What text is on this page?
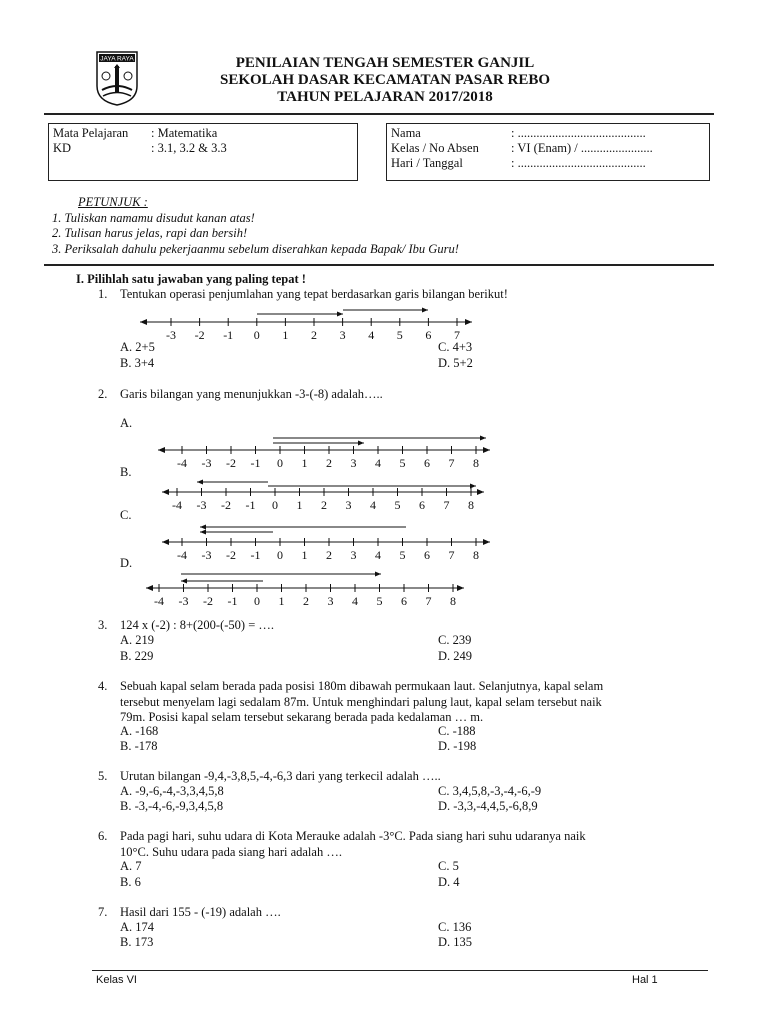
JAYA RAYA	PENILAIAN TENGAH SEMESTER GANJIL
SEKOLAH DASAR KECAMATAN PASAR REBO
TAHUN PELAJARAN 2017/2018
Mata Pelajaran : Matematika
KD	: 3.1, 3.2 & 3.3
Nama	: .........................................
Kelas / No Absen	: VI (Enam) / .......................
Hari / Tanggal	: .........................................
PETUNJUK :
1. Tuliskan namamu disudut kanan atas!
2. Tulisan harus jelas, rapi dan bersih!
3. Periksalah dahulu pekerjaanmu sebelum diserahkan kepada Bapak/ Ibu Guru!
I. Pilihlah satu jawaban yang paling tepat !
1. Tentukan operasi penjumlahan yang tepat berdasarkan garis bilangan berikut!
-3 -2 -1 0 1 2 3 4 5 6 7
A. 2+5
B. 3+4
C. 4+3
D. 5+2
2. Garis bilangan yang menunjukkan -3-(-8) adalah…..
A.
-4 -3 -2 -1 0 1 2 3 4 5 6 7 8
B.
-4 -3 -2 -1 0 1 2 3 4 5 6 7 8
C.
-4 -3 -2 -1 0 1 2 3 4 5 6 7 8
D.
-4 -3 -2 -1 0 1 2 3 4 5 6 7 8
3. 124 x (-2) : 8+(200-(-50) = ….
A. 219
B. 229
C. 239
D. 249
4. Sebuah kapal selam berada pada posisi 180m dibawah permukaan laut. Selanjutnya, kapal selam
tersebut menyelam lagi sedalam 87m. Untuk menghindari palung laut, kapal selam tersebut naik
79m. Posisi kapal selam tersebut sekarang berada pada kedalaman … m.
A. -168
B. -178
C. -188
D. -198
5. Urutan bilangan -9,4,-3,8,5,-4,-6,3 dari yang terkecil adalah …..
A. -9,-6,-4,-3,3,4,5,8
B. -3,-4,-6,-9,3,4,5,8
C. 3,4,5,8,-3,-4,-6,-9
D. -3,3,-4,4,5,-6,8,9
6. Pada pagi hari, suhu udara di Kota Merauke adalah -3°C. Pada siang hari suhu udaranya naik
10°C. Suhu udara pada siang hari adalah ….
A. 7
B. 6
C. 5
D. 4
7. Hasil dari 155 - (-19) adalah ….
A. 174
B. 173
C. 136
D. 135
Kelas VI	Hal 1
